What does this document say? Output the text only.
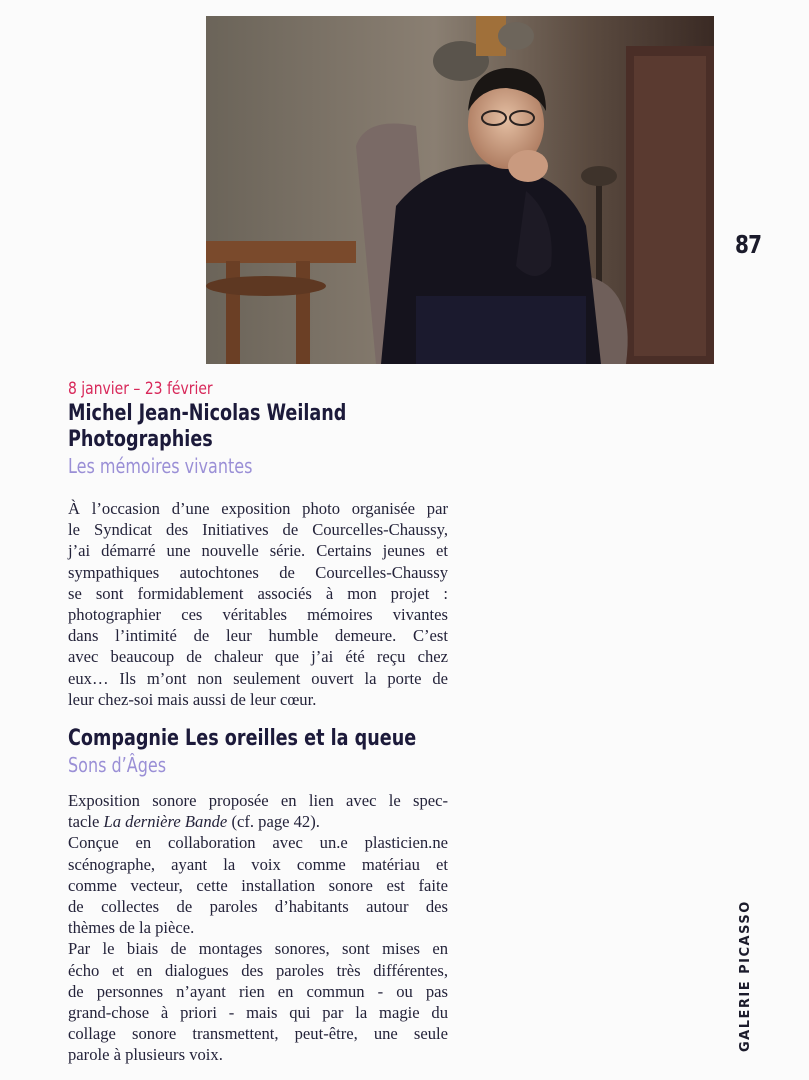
87
GALERIE PICASSO
8 janvier – 23 février
Michel Jean-Nicolas Weiland
Photographies
Les mémoires vivantes
À l’occasion d’une exposition photo organisée par
le Syndicat des Initiatives de Courcelles-Chaussy,
j’ai démarré une nouvelle série. Certains jeunes et
sympathiques autochtones de Courcelles-Chaussy
se sont formidablement associés à mon projet :
photographier ces véritables mémoires vivantes
dans l’intimité de leur humble demeure. C’est
avec beaucoup de chaleur que j’ai été reçu chez
eux… Ils m’ont non seulement ouvert la porte de
leur chez-soi mais aussi de leur cœur.
Compagnie Les oreilles et la queue
Sons d’Âges
Exposition sonore proposée en lien avec le spec-
tacle La dernière Bande (cf. page 42).
Conçue en collaboration avec un.e plasticien.ne
scénographe, ayant la voix comme matériau et
comme vecteur, cette installation sonore est faite
de collectes de paroles d’habitants autour des
thèmes de la pièce.
Par le biais de montages sonores, sont mises en
écho et en dialogues des paroles très différentes,
de personnes n’ayant rien en commun - ou pas
grand-chose à priori - mais qui par la magie du
collage sonore transmettent, peut-être, une seule
parole à plusieurs voix.
